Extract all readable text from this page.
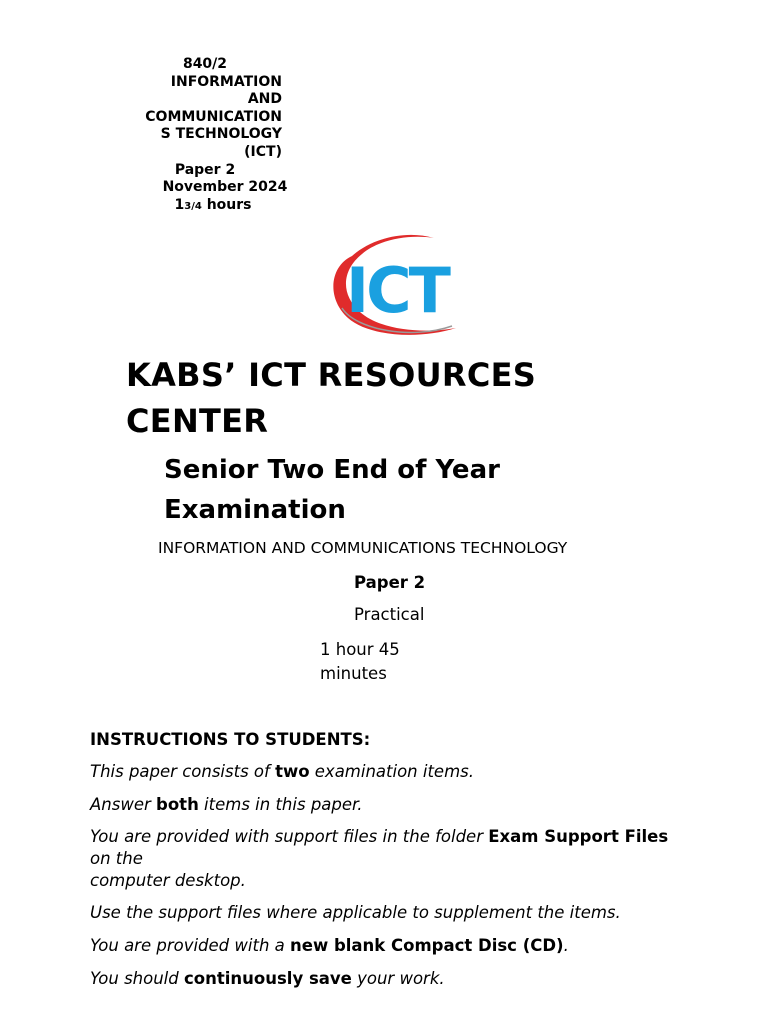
840/2
INFORMATION
AND
COMMUNICATION
S TECHNOLOGY
(ICT)
Paper 2
November 2024
13/4 hours
ICT
KABS’ ICT RESOURCES
CENTER
Senior Two End of Year
Examination
INFORMATION AND COMMUNICATIONS TECHNOLOGY
Paper 2
Practical
1 hour 45
minutes
INSTRUCTIONS TO STUDENTS:

This paper consists of two examination items.

Answer both items in this paper.

You are provided with support files in the folder Exam Support Files on the
computer desktop.

Use the support files where applicable to supplement the items.

You are provided with a new blank Compact Disc (CD).

You should continuously save your work.
